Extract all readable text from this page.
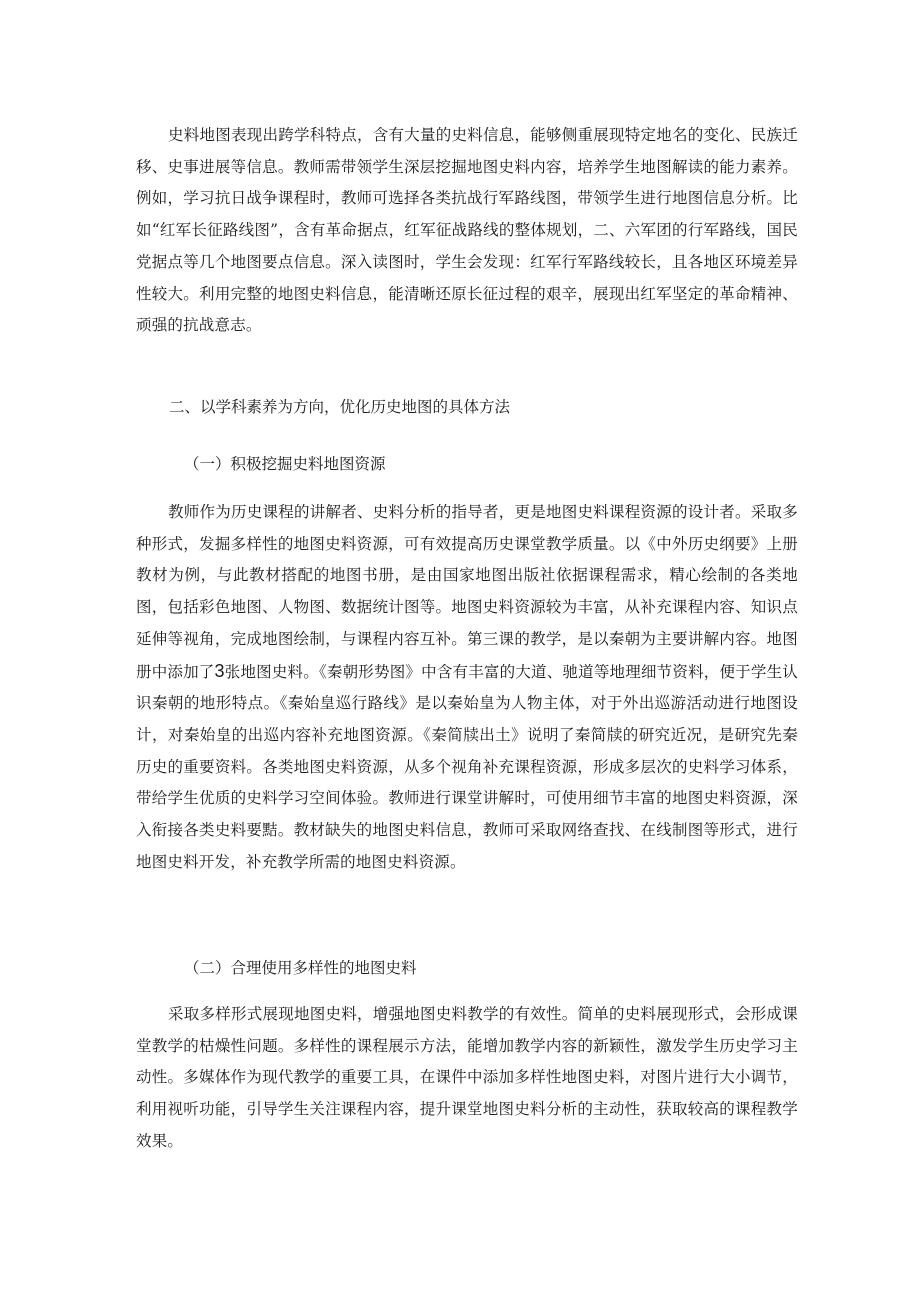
史料地图表现出跨学科特点，含有大量的史料信息，能够侧重展现特定地名的变化、民族迁移、史事进展等信息。教师需带领学生深层挖掘地图史料内容，培养学生地图解读的能力素养。例如，学习抗日战争课程时，教师可选择各类抗战行军路线图，带领学生进行地图信息分析。比如“红军长征路线图”，含有革命据点，红军征战路线的整体规划，二、六军团的行军路线，国民党据点等几个地图要点信息。深入读图时，学生会发现：红军行军路线较长，且各地区环境差异性较大。利用完整的地图史料信息，能清晰还原长征过程的艰辛，展现出红军坚定的革命精神、顽强的抗战意志。

二、以学科素养为方向，优化历史地图的具体方法
（一）积极挖掘史料地图资源

教师作为历史课程的讲解者、史料分析的指导者，更是地图史料课程资源的设计者。采取多种形式，发掘多样性的地图史料资源，可有效提高历史课堂教学质量。以《中外历史纲要》上册教材为例，与此教材搭配的地图书册，是由国家地图出版社依据课程需求，精心绘制的各类地图，包括彩色地图、人物图、数据统计图等。地图史料资源较为丰富，从补充课程内容、知识点延伸等视角，完成地图绘制，与课程内容互补。第三课的教学，是以秦朝为主要讲解内容。地图册中添加了3张地图史料。《秦朝形势图》中含有丰富的大道、驰道等地理细节资料，便于学生认识秦朝的地形特点。《秦始皇巡行路线》是以秦始皇为人物主体，对于外出巡游活动进行地图设计，对秦始皇的出巡内容补充地图资源。《秦简牍出土》说明了秦简牍的研究近况，是研究先秦历史的重要资料。各类地图史料资源，从多个视角补充课程资源，形成多层次的史料学习体系，带给学生优质的史料学习空间体验。教师进行课堂讲解时，可使用细节丰富的地图史料资源，深入衔接各类史料要黠。教材缺失的地图史料信息，教师可采取网络查找、在线制图等形式，进行地图史料开发，补充教学所需的地图史料资源。

（二）合理使用多样性的地图史料

采取多样形式展现地图史料，增强地图史料教学的有效性。简单的史料展现形式，会形成课堂教学的枯燥性问题。多样性的课程展示方法，能增加教学内容的新颖性，激发学生历史学习主动性。多媒体作为现代教学的重要工具，在课件中添加多样性地图史料，对图片进行大小调节，利用视听功能，引导学生关注课程内容，提升课堂地图史料分析的主动性，获取较高的课程教学效果。
